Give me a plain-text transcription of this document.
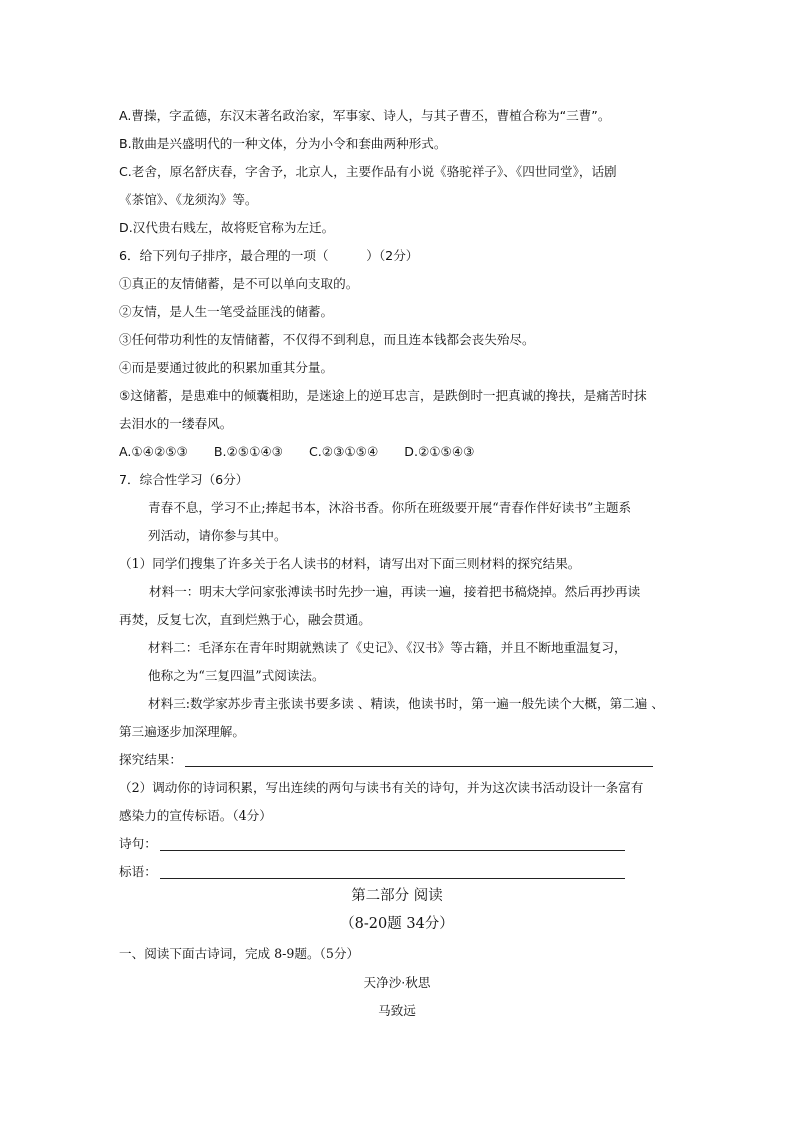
A.曹操，字孟德，东汉末著名政治家，军事家、诗人，与其子曹丕，曹植合称为“三曹”。
B.散曲是兴盛明代的一种文体，分为小令和套曲两种形式。
C.老舍，原名舒庆春，字舍予，北京人，主要作品有小说《骆驼祥子》、《四世同堂》，话剧
《茶馆》、《龙须沟》等。
D.汉代贵右贱左，故将贬官称为左迁。
6．给下列句子排序，最合理的一项（　　　）（2分）
①真正的友情储蓄，是不可以单向支取的。
②友情，是人生一笔受益匪浅的储蓄。
③任何带功利性的友情储蓄，不仅得不到利息，而且连本钱都会丧失殆尽。
④而是要通过彼此的积累加重其分量。
⑤这储蓄，是患难中的倾囊相助，是迷途上的逆耳忠言，是跌倒时一把真诚的搀扶，是痛苦时抹
去泪水的一缕春风。
A.①④②⑤③ B.②⑤①④③ C.②③①⑤④ D.②①⑤④③
7．综合性学习（6分）
青春不息，学习不止;捧起书本，沐浴书香。你所在班级要开展“青春作伴好读书”主题系
列活动，请你参与其中。
（1）同学们搜集了许多关于名人读书的材料，请写出对下面三则材料的探究结果。
材料一：明末大学问家张溥读书时先抄一遍，再读一遍，接着把书稿烧掉。然后再抄再读
再焚，反复七次，直到烂熟于心，融会贯通。
材料二：毛泽东在青年时期就熟读了《史记》、《汉书》等古籍，并且不断地重温复习，
他称之为“三复四温”式阅读法。
材料三:数学家苏步青主张读书要多读 、精读，他读书时，第一遍一般先读个大概，第二遍 、
第三遍逐步加深理解。
探究结果：
（2）调动你的诗词积累，写出连续的两句与读书有关的诗句，并为这次读书活动设计一条富有
感染力的宣传标语。（4分）
诗句：
标语：
第二部分 阅读
（8-20题 34分）
一、阅读下面古诗词，完成 8-9题。（5分）
天净沙·秋思
马致远
